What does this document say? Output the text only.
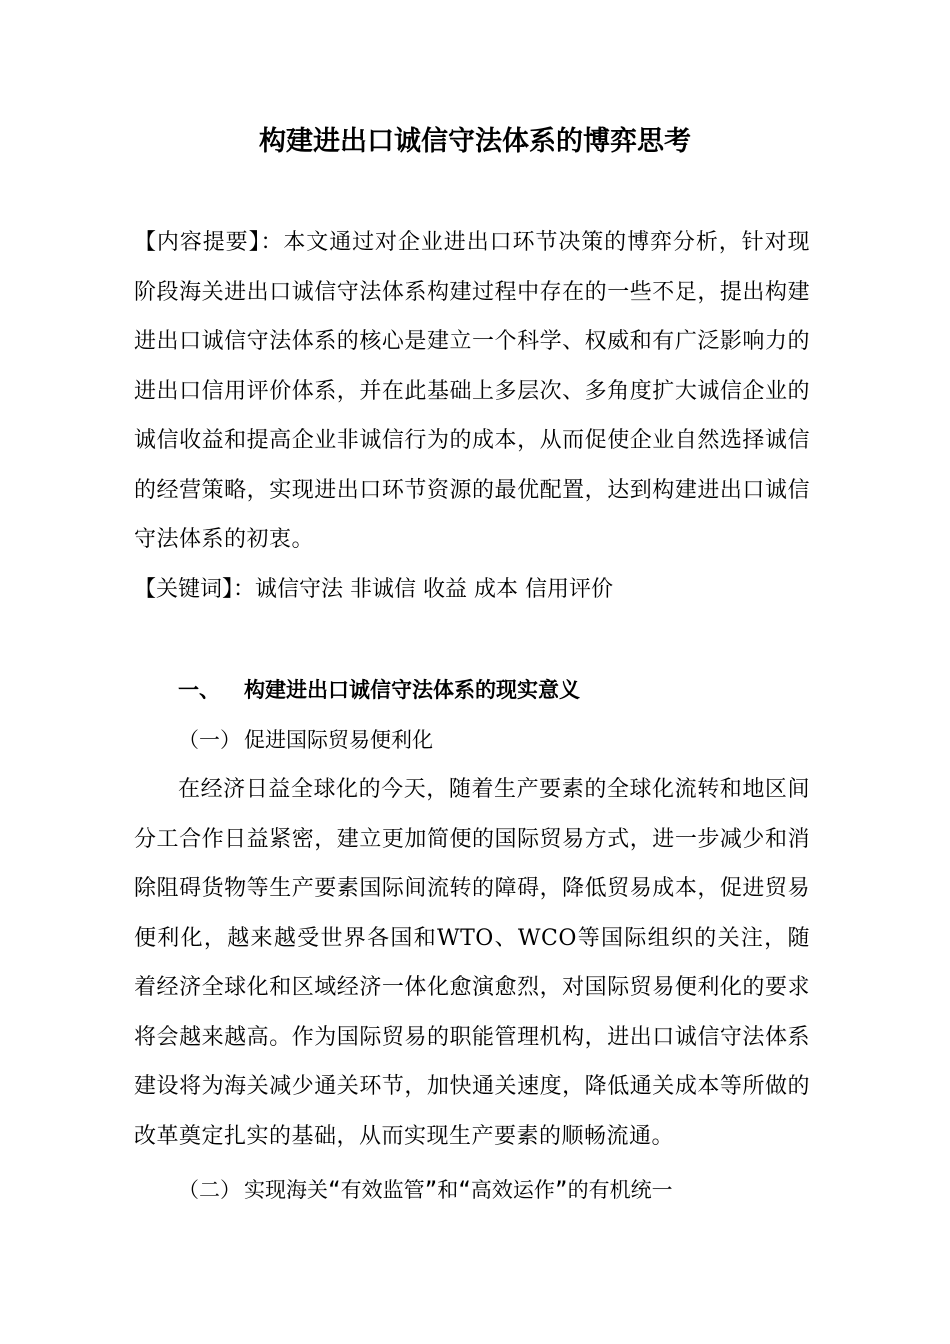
构建进出口诚信守法体系的博弈思考
【内容提要】：本文通过对企业进出口环节决策的博弈分析，针对现阶段海关进出口诚信守法体系构建过程中存在的一些不足，提出构建进出口诚信守法体系的核心是建立一个科学、权威和有广泛影响力的进出口信用评价体系，并在此基础上多层次、多角度扩大诚信企业的诚信收益和提高企业非诚信行为的成本，从而促使企业自然选择诚信的经营策略，实现进出口环节资源的最优配置，达到构建进出口诚信守法体系的初衷。
【关键词】：诚信守法 非诚信 收益 成本 信用评价
一、 构建进出口诚信守法体系的现实意义
（一） 促进国际贸易便利化
在经济日益全球化的今天，随着生产要素的全球化流转和地区间分工合作日益紧密，建立更加简便的国际贸易方式，进一步减少和消除阻碍货物等生产要素国际间流转的障碍，降低贸易成本，促进贸易便利化，越来越受世界各国和WTO、WCO等国际组织的关注，随着经济全球化和区域经济一体化愈演愈烈，对国际贸易便利化的要求将会越来越高。作为国际贸易的职能管理机构，进出口诚信守法体系建设将为海关减少通关环节，加快通关速度，降低通关成本等所做的改革奠定扎实的基础，从而实现生产要素的顺畅流通。
（二） 实现海关“有效监管”和“高效运作”的有机统一
